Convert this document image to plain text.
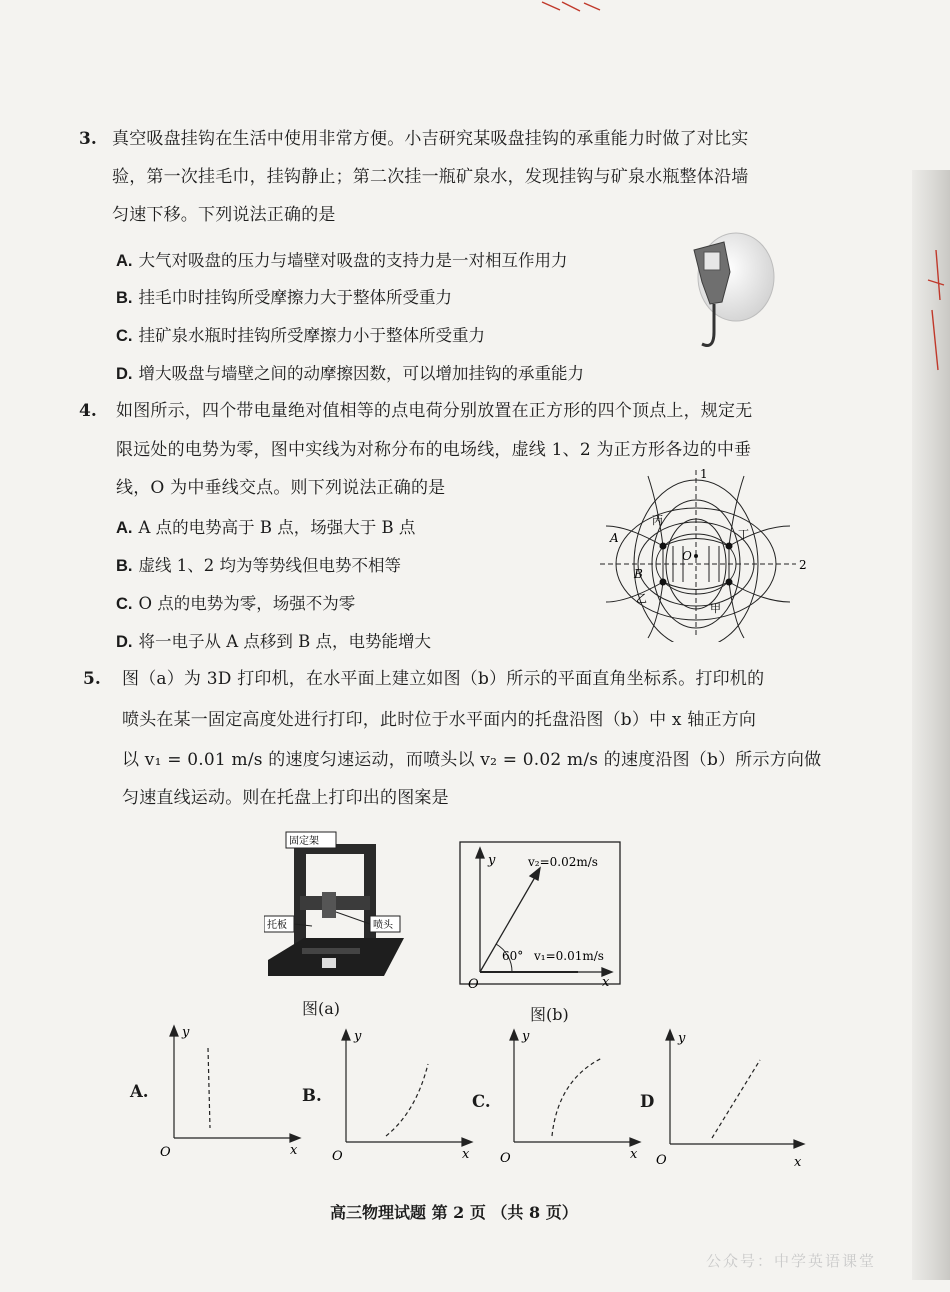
3. 真空吸盘挂钩在生活中使用非常方便。小吉研究某吸盘挂钩的承重能力时做了对比实
验，第一次挂毛巾，挂钩静止；第二次挂一瓶矿泉水，发现挂钩与矿泉水瓶整体沿墙
匀速下移。下列说法正确的是
A. 大气对吸盘的压力与墙壁对吸盘的支持力是一对相互作用力
B. 挂毛巾时挂钩所受摩擦力大于整体所受重力
C. 挂矿泉水瓶时挂钩所受摩擦力小于整体所受重力
D. 增大吸盘与墙壁之间的动摩擦因数，可以增加挂钩的承重能力
4. 如图所示，四个带电量绝对值相等的点电荷分别放置在正方形的四个顶点上，规定无
限远处的电势为零，图中实线为对称分布的电场线，虚线 1、2 为正方形各边的中垂
线，O 为中垂线交点。则下列说法正确的是
A. A 点的电势高于 B 点，场强大于 B 点
B. 虚线 1、2 均为等势线但电势不相等
C. O 点的电势为零，场强不为零
D. 将一电子从 A 点移到 B 点，电势能增大
1
2
O
A
B
丙
丁
乙
甲
5. 图（a）为 3D 打印机，在水平面上建立如图（b）所示的平面直角坐标系。打印机的
喷头在某一固定高度处进行打印，此时位于水平面内的托盘沿图（b）中 x 轴正方向
以 v₁ = 0.01 m/s 的速度匀速运动，而喷头以 v₂ = 0.02 m/s 的速度沿图（b）所示方向做
匀速直线运动。则在托盘上打印出的图案是
固定架
托板	喷头
图(a)
y
x
O
v₂=0.02m/s
v₁=0.01m/s
60°
图(b)
A.
y
x
O
B.
y
x
O
C.
y
x
O
D
y
x
O
高三物理试题 第 2 页 （共 8 页）
公众号：中学英语课堂
